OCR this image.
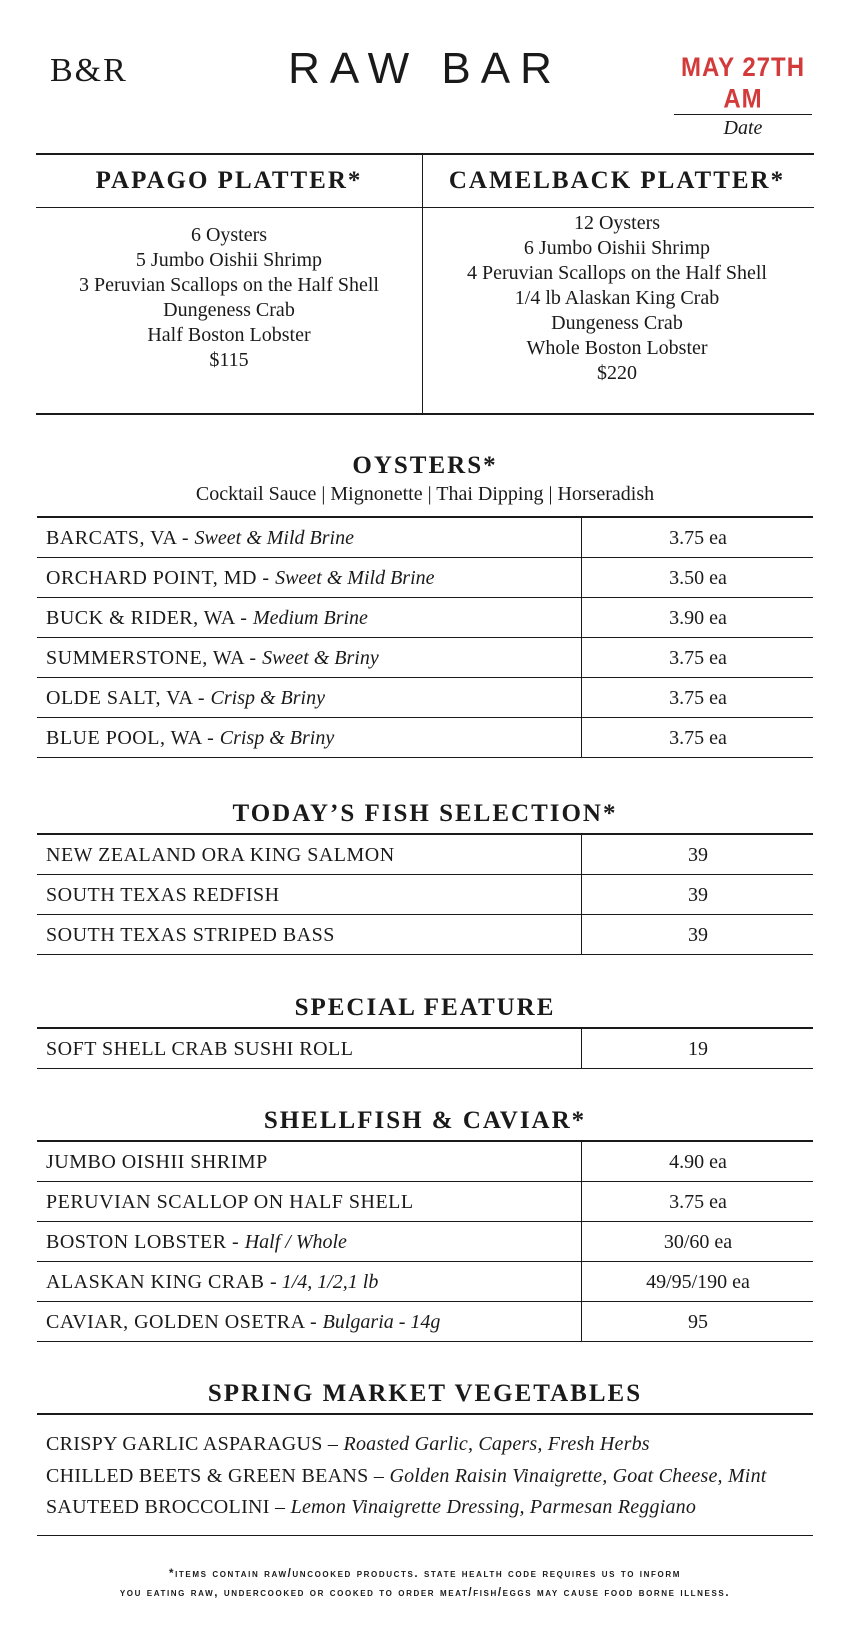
B&R	RAW BAR	MAY 27TH AM
Date
PAPAGO PLATTER*
6 Oysters
5 Jumbo Oishii Shrimp
3 Peruvian Scallops on the Half Shell
Dungeness Crab
Half Boston Lobster
$115
CAMELBACK PLATTER*
12 Oysters
6 Jumbo Oishii Shrimp
4 Peruvian Scallops on the Half Shell
1/4 lb Alaskan King Crab
Dungeness Crab
Whole Boston Lobster
$220
OYSTERS*
Cocktail Sauce | Mignonette | Thai Dipping | Horseradish
BARCATS, VA - Sweet & Mild Brine	3.75 ea
ORCHARD POINT, MD - Sweet & Mild Brine	3.50 ea
BUCK & RIDER, WA - Medium Brine	3.90 ea
SUMMERSTONE, WA - Sweet & Briny	3.75 ea
OLDE SALT, VA - Crisp & Briny	3.75 ea
BLUE POOL, WA - Crisp & Briny	3.75 ea
TODAY’S FISH SELECTION*
NEW ZEALAND ORA KING SALMON	39
SOUTH TEXAS REDFISH	39
SOUTH TEXAS STRIPED BASS	39
SPECIAL FEATURE
SOFT SHELL CRAB SUSHI ROLL	19
SHELLFISH & CAVIAR*
JUMBO OISHII SHRIMP	4.90 ea
PERUVIAN SCALLOP ON HALF SHELL	3.75 ea
BOSTON LOBSTER - Half / Whole	30/60 ea
ALASKAN KING CRAB - 1/4, 1/2,1 lb	49/95/190 ea
CAVIAR, GOLDEN OSETRA - Bulgaria - 14g	95
SPRING MARKET VEGETABLES
CRISPY GARLIC ASPARAGUS – Roasted Garlic, Capers, Fresh Herbs
CHILLED BEETS & GREEN BEANS – Golden Raisin Vinaigrette, Goat Cheese, Mint
SAUTEED BROCCOLINI – Lemon Vinaigrette Dressing, Parmesan Reggiano
*items contain raw/uncooked products. state health code requires us to inform
you eating raw, undercooked or cooked to order meat/fish/eggs may cause food borne illness.
